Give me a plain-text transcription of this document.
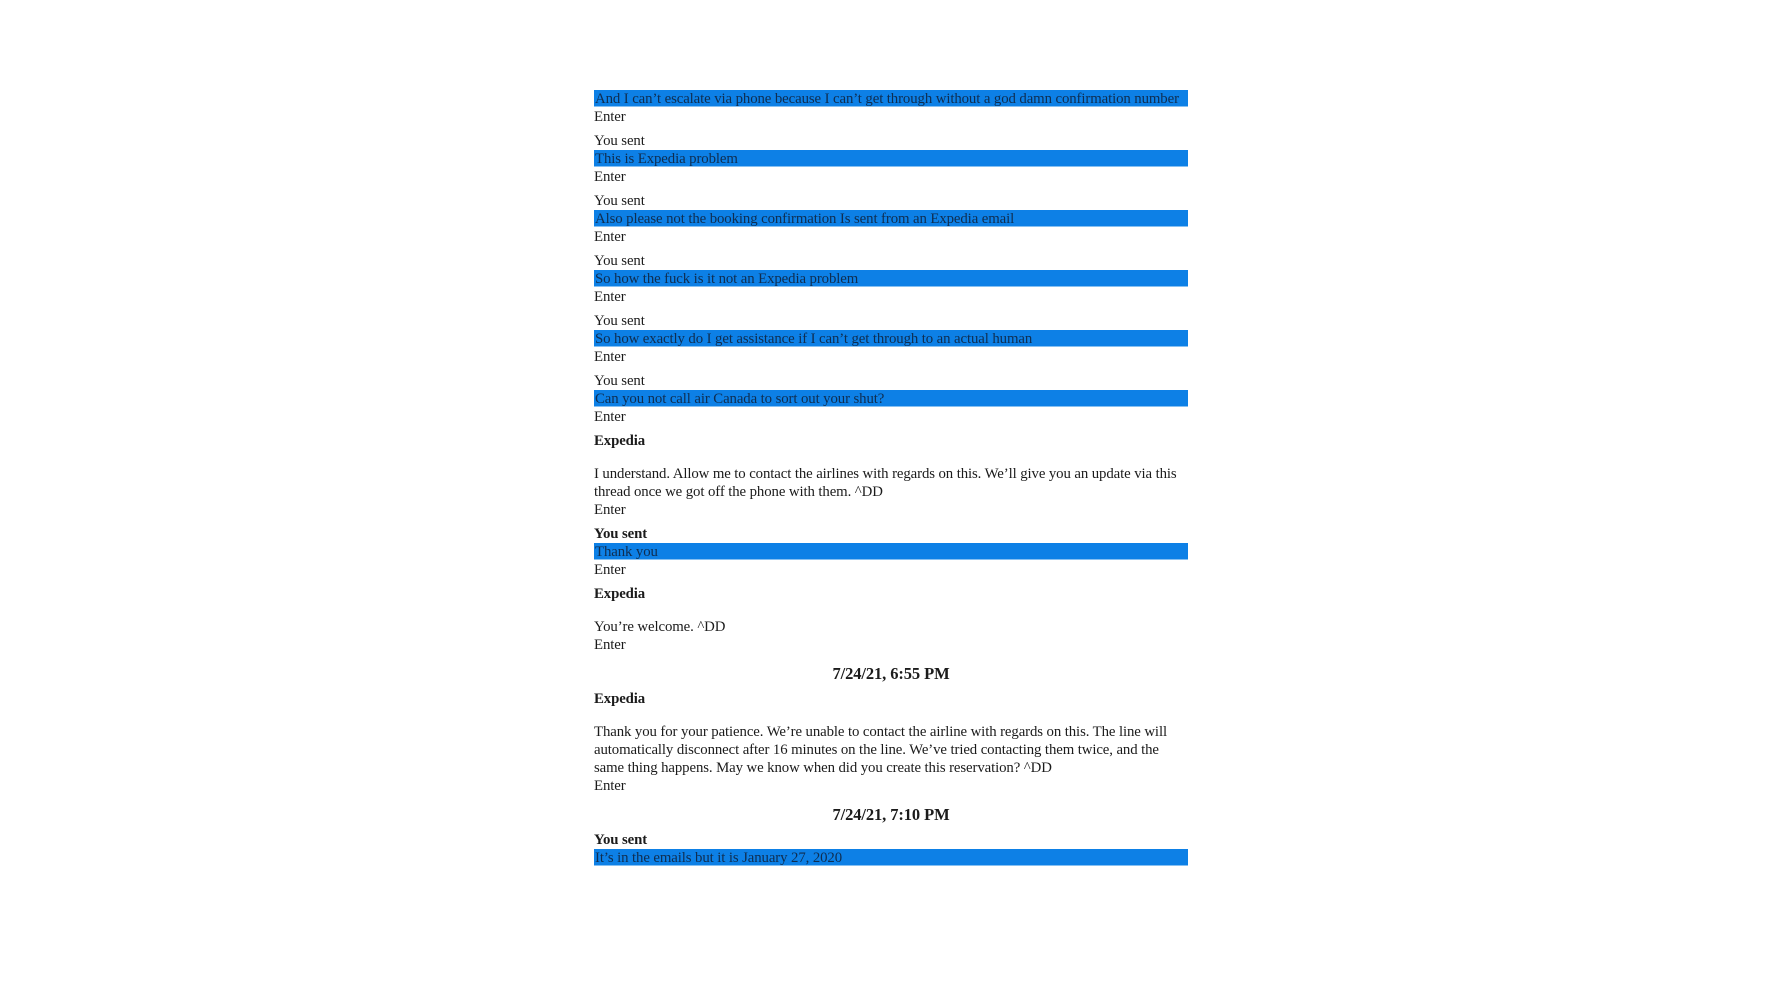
And I can’t escalate via phone because I can’t get through without a god damn confirmation number
Enter
You sent
This is Expedia problem
Enter
You sent
Also please not the booking confirmation Is sent from an Expedia email
Enter
You sent
So how the fuck is it not an Expedia problem
Enter
You sent
So how exactly do I get assistance if I can’t get through to an actual human
Enter
You sent
Can you not call air Canada to sort out your shut?
Enter
Expedia
I understand. Allow me to contact the airlines with regards on this. We’ll give you an update via this thread once we got off the phone with them. ^DD
Enter
You sent
Thank you
Enter
Expedia
You’re welcome. ^DD
Enter
7/24/21, 6:55 PM
Expedia
Thank you for your patience. We’re unable to contact the airline with regards on this. The line will automatically disconnect after 16 minutes on the line. We’ve tried contacting them twice, and the same thing happens. May we know when did you create this reservation? ^DD
Enter
7/24/21, 7:10 PM
You sent
It’s in the emails but it is January 27, 2020
